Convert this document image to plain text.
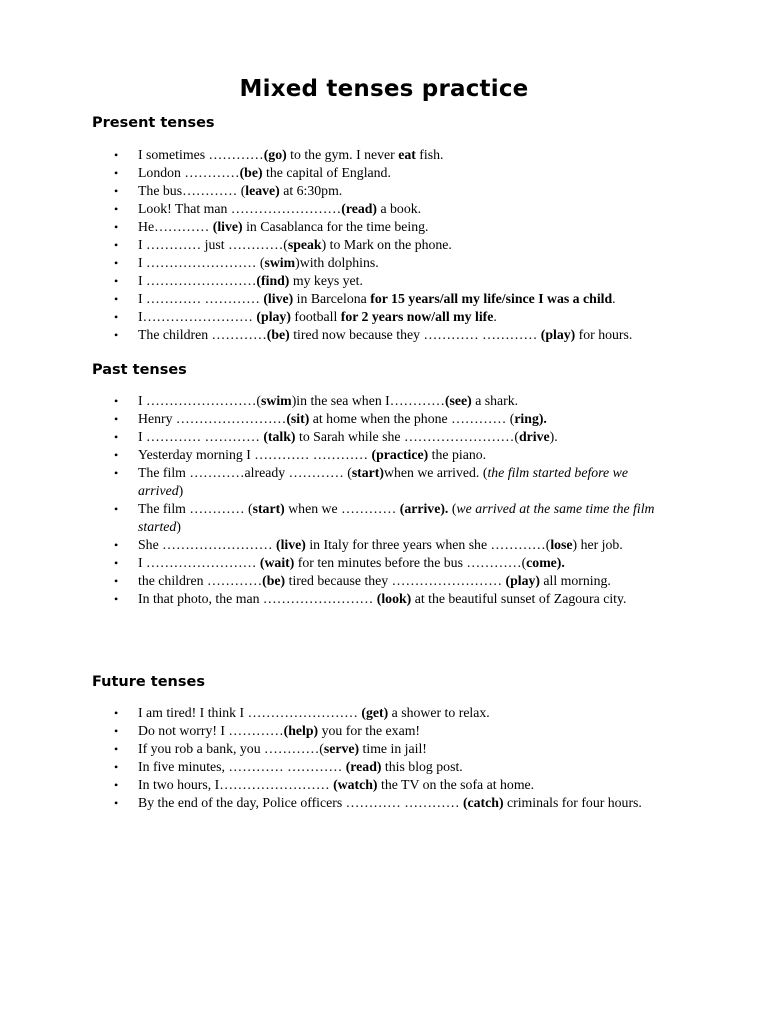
Mixed tenses practice
Present tenses
• I sometimes …………(go) to the gym. I never eat fish.
• London …………(be) the capital of England.
• The bus………… (leave) at 6:30pm.
• Look! That man ……………………(read) a book.
• He………… (live) in Casablanca for the time being.
• I ………… just …………(speak) to Mark on the phone.
• I …………………… (swim)with dolphins.
• I ……………………(find) my keys yet.
• I ………… ………… (live) in Barcelona for 15 years/all my life/since I was a child.
• I…………………… (play) football for 2 years now/all my life.
• The children …………(be) tired now because they ………… ………… (play) for hours.
Past tenses
• I ……………………(swim)in the sea when I…………(see) a shark.
• Henry ……………………(sit) at home when the phone ………… (ring).
• I ………… ………… (talk) to Sarah while she ……………………(drive).
• Yesterday morning I ………… ………… (practice) the piano.
• The film …………already ………… (start)when we arrived. (the film started before we arrived)
• The film ………… (start) when we ………… (arrive). (we arrived at the same time the film started)
• She …………………… (live) in Italy for three years when she …………(lose) her job.
• I …………………… (wait) for ten minutes before the bus …………(come).
• the children …………(be) tired because they …………………… (play) all morning.
• In that photo, the man …………………… (look) at the beautiful sunset of Zagoura city.
Future tenses
• I am tired! I think I …………………… (get) a shower to relax.
• Do not worry! I …………(help) you for the exam!
• If you rob a bank, you …………(serve) time in jail!
• In five minutes, ………… ………… (read) this blog post.
• In two hours, I…………………… (watch) the TV on the sofa at home.
• By the end of the day, Police officers ………… ………… (catch) criminals for four hours.
